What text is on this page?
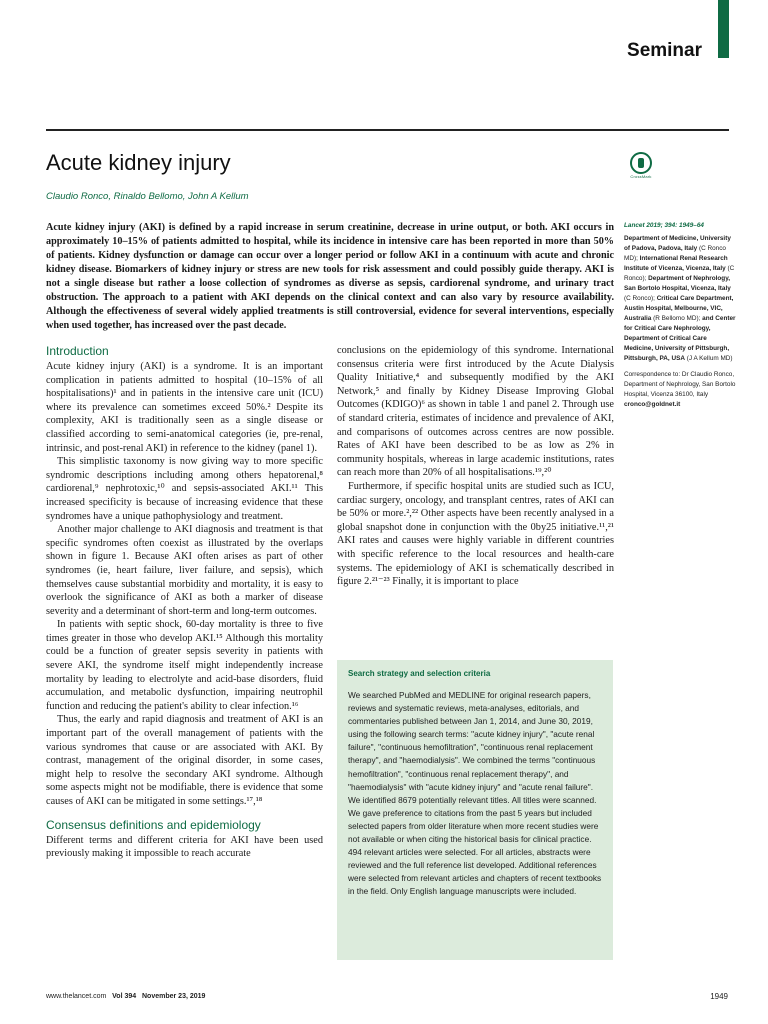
Seminar
Acute kidney injury
CrossMark
Claudio Ronco, Rinaldo Bellomo, John A Kellum

Acute kidney injury (AKI) is defined by a rapid increase in serum creatinine, decrease in urine output, or both. AKI occurs in approximately 10–15% of patients admitted to hospital, while its incidence in intensive care has been reported in more than 50% of patients. Kidney dysfunction or damage can occur over a longer period or follow AKI in a continuum with acute and chronic kidney disease. Biomarkers of kidney injury or stress are new tools for risk assessment and could possibly guide therapy. AKI is not a single disease but rather a loose collection of syndromes as diverse as sepsis, cardiorenal syndrome, and urinary tract obstruction. The approach to a patient with AKI depends on the clinical context and can also vary by resource availability. Although the effectiveness of several widely applied treatments is still controversial, evidence for several interventions, especially when used together, has increased over the past decade.

Lancet 2019; 394: 1949–64
Department of Medicine, University of Padova, Padova, Italy (C Ronco MD); International Renal Research Institute of Vicenza, Vicenza, Italy (C Ronco); Department of Nephrology, San Bortolo Hospital, Vicenza, Italy (C Ronco); Critical Care Department, Austin Hospital, Melbourne, VIC, Australia (R Bellomo MD); and Center for Critical Care Nephrology, Department of Critical Care Medicine, University of Pittsburgh, Pittsburgh, PA, USA (J A Kellum MD)
Correspondence to: Dr Claudio Ronco, Department of Nephrology, San Bortolo Hospital, Vicenza 36100, Italy
cronco@goldnet.it
Introduction

Acute kidney injury (AKI) is a syndrome. It is an important complication in patients admitted to hospital (10–15% of all hospitalisations)¹ and in patients in the intensive care unit (ICU) where its prevalence can sometimes exceed 50%.² Despite its complexity, AKI is traditionally seen as a single disease or classified according to semi-anatomical categories (ie, pre-renal, intrinsic, and post-renal AKI) in reference to the kidney (panel 1).

This simplistic taxonomy is now giving way to more specific syndromic descriptions including among others hepatorenal,⁸ cardiorenal,⁹ nephrotoxic,¹⁰ and sepsis-associated AKI.¹¹ This increased specificity is because of increasing evidence that these syndromes have a unique pathophysiology and treatment.

Another major challenge to AKI diagnosis and treatment is that specific syndromes often coexist as illustrated by the overlaps shown in figure 1. Because AKI often arises as part of other syndromes (ie, heart failure, liver failure, and sepsis), which themselves cause substantial morbidity and mortality, it is easy to overlook the significance of AKI as both a marker of disease severity and a determinant of short-term and long-term outcomes.

In patients with septic shock, 60-day mortality is three to five times greater in those who develop AKI.¹⁵ Although this mortality could be a function of greater sepsis severity in patients with severe AKI, the syndrome itself might independently increase mortality by leading to electrolyte and acid-base disorders, fluid accumulation, and metabolic dysfunction, impairing neutrophil function and reducing the patient's ability to clear infection.¹⁶

Thus, the early and rapid diagnosis and treatment of AKI is an important part of the overall management of patients with the various syndromes that cause or are associated with AKI. By contrast, management of the original disorder, in some cases, might help to resolve the secondary AKI syndrome. Although some aspects might not be modifiable, there is evidence that some causes of AKI can be mitigated in some settings.¹⁷,¹⁸

Consensus definitions and epidemiology

Different terms and different criteria for AKI have been used previously making it impossible to reach accurate

conclusions on the epidemiology of this syndrome. International consensus criteria were first introduced by the Acute Dialysis Quality Initiative,⁴ and subsequently modified by the AKI Network,⁵ and finally by Kidney Disease Improving Global Outcomes (KDIGO)⁶ as shown in table 1 and panel 2. Through use of standard criteria, estimates of incidence and prevalence of AKI, and comparisons of outcomes across centres are now possible. Rates of AKI have been described to be as low as 2% in community hospitals, whereas in large academic institutions, rates can reach more than 20% of all hospitalisations.¹⁹,²⁰

Furthermore, if specific hospital units are studied such as ICU, cardiac surgery, oncology, and transplant centres, rates of AKI can be 50% or more.²,²² Other aspects have been recently analysed in a global snapshot done in conjunction with the 0by25 initiative.¹¹,²¹ AKI rates and causes were highly variable in different countries with specific reference to the local resources and health-care systems. The epidemiology of AKI is schematically described in figure 2.²¹⁻²³ Finally, it is important to place

Search strategy and selection criteria

We searched PubMed and MEDLINE for original research papers, reviews and systematic reviews, meta-analyses, editorials, and commentaries published between Jan 1, 2014, and June 30, 2019, using the following search terms: "acute kidney injury", "acute renal failure", "continuous hemofiltration", "continuous renal replacement therapy", and "haemodialysis". We combined the terms "continuous hemofiltration", "continuous renal replacement therapy", and "haemodialysis" with "acute kidney injury" and "acute renal failure". We identified 8679 potentially relevant titles. All titles were scanned. We gave preference to citations from the past 5 years but included selected papers from older literature when more recent studies were not available or when citing the historical basis for clinical practice. 494 relevant articles were selected. For all articles, abstracts were reviewed and the full reference list developed. Additional references were selected from relevant articles and chapters of recent textbooks in the field. Only English language manuscripts were included.

www.thelancet.com Vol 394 November 23, 2019	1949
